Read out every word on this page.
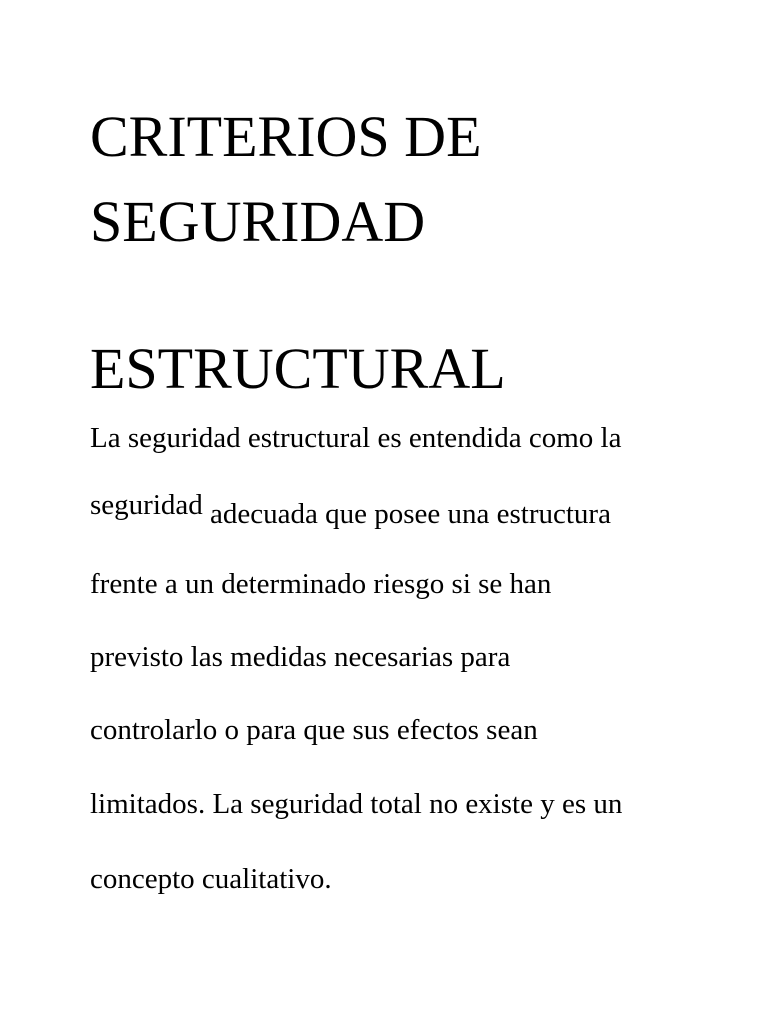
CRITERIOS DE
SEGURIDAD
ESTRUCTURAL

La seguridad estructural es entendida como la

seguridad adecuada que posee una estructura

frente a un determinado riesgo si se han

previsto las medidas necesarias para

controlarlo o para que sus efectos sean

limitados. La seguridad total no existe y es un

concepto cualitativo.
